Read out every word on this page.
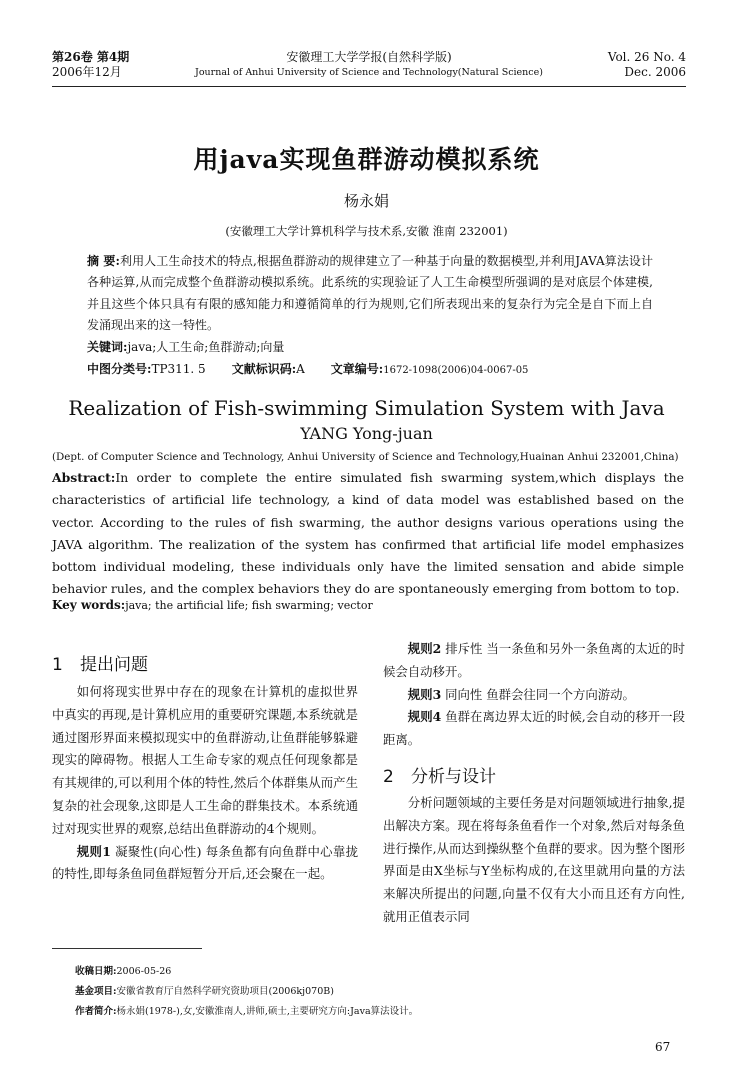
第26卷 第4期
2006年12月
安徽理工大学学报(自然科学版)
Journal of Anhui University of Science and Technology(Natural Science)
Vol. 26 No. 4
Dec. 2006
用java实现鱼群游动模拟系统
杨永娟
(安徽理工大学计算机科学与技术系,安徽 淮南 232001)
摘 要:利用人工生命技术的特点,根据鱼群游动的规律建立了一种基于向量的数据模型,并利用JAVA算法设计各种运算,从而完成整个鱼群游动模拟系统。此系统的实现验证了人工生命模型所强调的是对底层个体建模,并且这些个体只具有有限的感知能力和遵循简单的行为规则,它们所表现出来的复杂行为完全是自下而上自发涌现出来的这一特性。
关键词:java;人工生命;鱼群游动;向量
中图分类号:TP311. 5 文献标识码:A 文章编号:1672-1098(2006)04-0067-05
Realization of Fish-swimming Simulation System with Java
YANG Yong-juan
(Dept. of Computer Science and Technology, Anhui University of Science and Technology,Huainan Anhui 232001,China)
Abstract:In order to complete the entire simulated fish swarming system,which displays the characteristics of artificial life technology, a kind of data model was established based on the vector. According to the rules of fish swarming, the author designs various operations using the JAVA algorithm. The realization of the system has confirmed that artificial life model emphasizes bottom individual modeling, these individuals only have the limited sensation and abide simple behavior rules, and the complex behaviors they do are spontaneously emerging from bottom to top.
Key words:java; the artificial life; fish swarming; vector
1 提出问题

如何将现实世界中存在的现象在计算机的虚拟世界中真实的再现,是计算机应用的重要研究课题,本系统就是通过图形界面来模拟现实中的鱼群游动,让鱼群能够躲避现实的障碍物。根据人工生命专家的观点任何现象都是有其规律的,可以利用个体的特性,然后个体群集从而产生复杂的社会现象,这即是人工生命的群集技术。本系统通过对现实世界的观察,总结出鱼群游动的4个规则。

规则1 凝聚性(向心性) 每条鱼都有向鱼群中心靠拢的特性,即每条鱼同鱼群短暂分开后,还会聚在一起。

规则2 排斥性 当一条鱼和另外一条鱼离的太近的时候会自动移开。

规则3 同向性 鱼群会往同一个方向游动。

规则4 鱼群在离边界太近的时候,会自动的移开一段距离。

2 分析与设计

分析问题领域的主要任务是对问题领域进行抽象,提出解决方案。现在将每条鱼看作一个对象,然后对每条鱼进行操作,从而达到操纵整个鱼群的要求。因为整个图形界面是由X坐标与Y坐标构成的,在这里就用向量的方法来解决所提出的问题,向量不仅有大小而且还有方向性,就用正值表示同

收稿日期:2006-05-26
基金项目:安徽省教育厅自然科学研究资助项目(2006kj070B)
作者简介:杨永娟(1978-),女,安徽淮南人,讲师,硕士,主要研究方向:Java算法设计。
67
